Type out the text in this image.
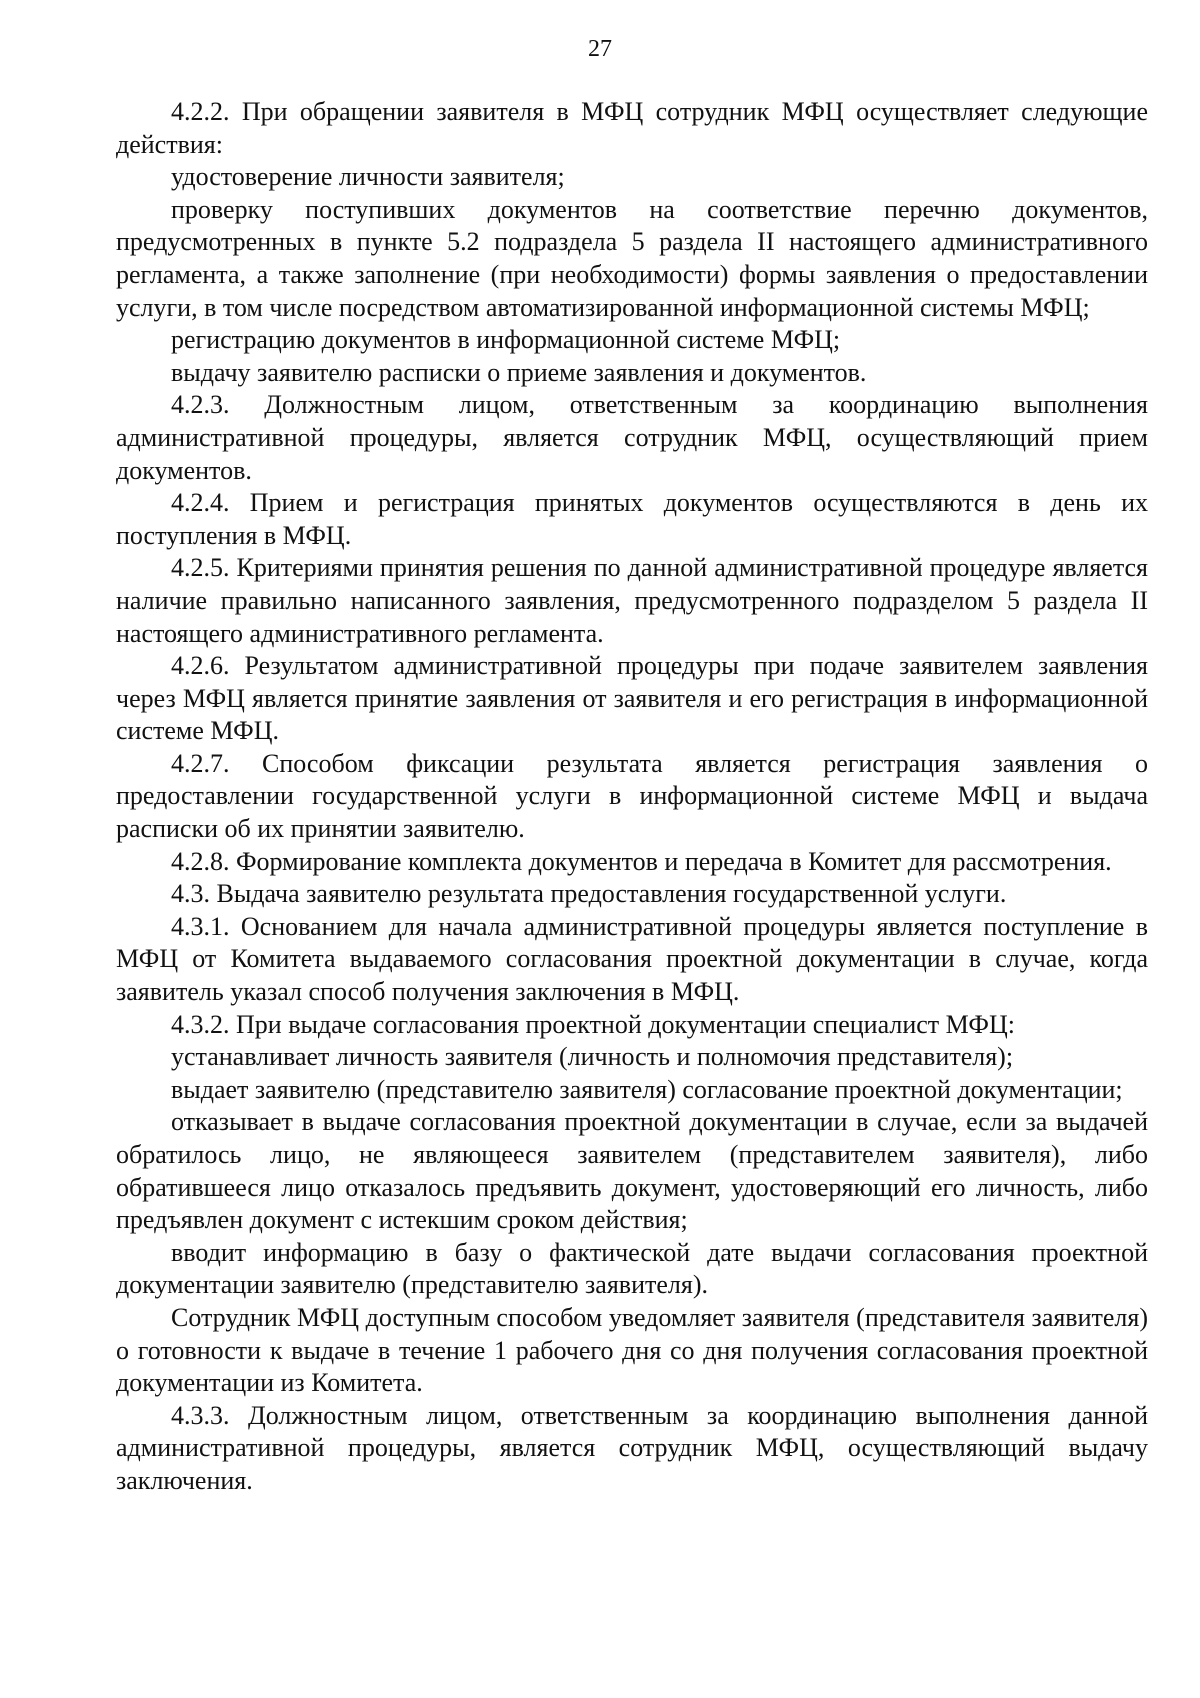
27

4.2.2. При обращении заявителя в МФЦ сотрудник МФЦ осуществляет следующие действия:

удостоверение личности заявителя;

проверку поступивших документов на соответствие перечню документов, предусмотренных в пункте 5.2 подраздела 5 раздела II настоящего административного регламента, а также заполнение (при необходимости) формы заявления о предоставлении услуги, в том числе посредством автоматизированной информационной системы МФЦ;

регистрацию документов в информационной системе МФЦ;

выдачу заявителю расписки о приеме заявления и документов.

4.2.3. Должностным лицом, ответственным за координацию выполнения административной процедуры, является сотрудник МФЦ, осуществляющий прием документов.

4.2.4. Прием и регистрация принятых документов осуществляются в день их поступления в МФЦ.

4.2.5. Критериями принятия решения по данной административной процедуре является наличие правильно написанного заявления, предусмотренного подразделом 5 раздела II настоящего административного регламента.

4.2.6. Результатом административной процедуры при подаче заявителем заявления через МФЦ является принятие заявления от заявителя и его регистрация в информационной системе МФЦ.

4.2.7. Способом фиксации результата является регистрация заявления о предоставлении государственной услуги в информационной системе МФЦ и выдача расписки об их принятии заявителю.

4.2.8. Формирование комплекта документов и передача в Комитет для рассмотрения.

4.3. Выдача заявителю результата предоставления государственной услуги.

4.3.1. Основанием для начала административной процедуры является поступление в МФЦ от Комитета выдаваемого согласования проектной документации в случае, когда заявитель указал способ получения заключения в МФЦ.

4.3.2. При выдаче согласования проектной документации специалист МФЦ:

устанавливает личность заявителя (личность и полномочия представителя);

выдает заявителю (представителю заявителя) согласование проектной документации;

отказывает в выдаче согласования проектной документации в случае, если за выдачей обратилось лицо, не являющееся заявителем (представителем заявителя), либо обратившееся лицо отказалось предъявить документ, удостоверяющий его личность, либо предъявлен документ с истекшим сроком действия;

вводит информацию в базу о фактической дате выдачи согласования проектной документации заявителю (представителю заявителя).

Сотрудник МФЦ доступным способом уведомляет заявителя (представителя заявителя) о готовности к выдаче в течение 1 рабочего дня со дня получения согласования проектной документации из Комитета.

4.3.3. Должностным лицом, ответственным за координацию выполнения данной административной процедуры, является сотрудник МФЦ, осуществляющий выдачу заключения.
